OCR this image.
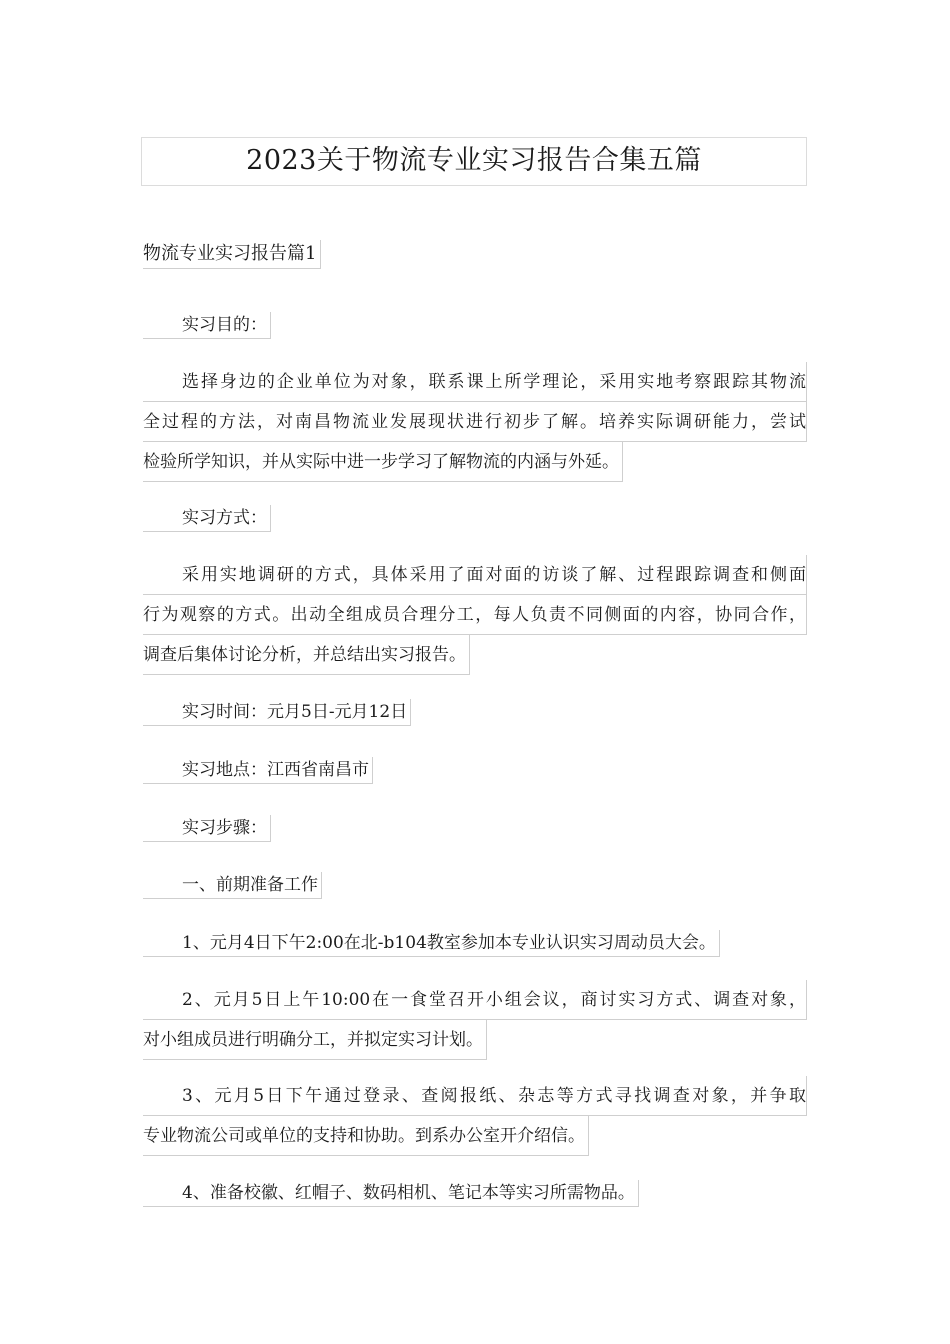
2023关于物流专业实习报告合集五篇
物流专业实习报告篇1
实习目的：
选择身边的企业单位为对象，联系课上所学理论，采用实地考察跟踪其物流
全过程的方法，对南昌物流业发展现状进行初步了解。培养实际调研能力，尝试
检验所学知识，并从实际中进一步学习了解物流的内涵与外延。
实习方式：
采用实地调研的方式，具体采用了面对面的访谈了解、过程跟踪调查和侧面
行为观察的方式。出动全组成员合理分工，每人负责不同侧面的内容，协同合作，
调查后集体讨论分析，并总结出实习报告。
实习时间：元月5日-元月12日
实习地点：江西省南昌市
实习步骤：
一、前期准备工作
1、元月4日下午2:00在北-b104教室参加本专业认识实习周动员大会。
2、元月5日上午10:00在一食堂召开小组会议，商讨实习方式、调查对象，
对小组成员进行明确分工，并拟定实习计划。
3、元月5日下午通过登录、查阅报纸、杂志等方式寻找调查对象，并争取
专业物流公司或单位的支持和协助。到系办公室开介绍信。
4、准备校徽、红帽子、数码相机、笔记本等实习所需物品。
